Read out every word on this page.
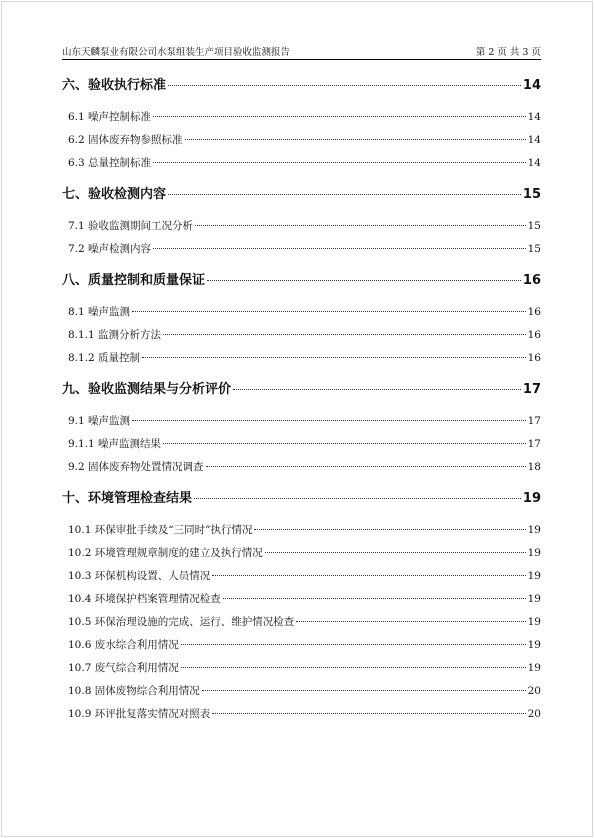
山东天麟泵业有限公司水泵组装生产项目验收监测报告	第 2 页 共 3 页
六、验收执行标准	14
6.1 噪声控制标准	14
6.2 固体废弃物参照标准	14
6.3 总量控制标准	14
七、验收检测内容	15
7.1 验收监测期间工况分析	15
7.2 噪声检测内容	15
八、质量控制和质量保证	16
8.1 噪声监测	16
8.1.1 监测分析方法	16
8.1.2 质量控制	16
九、验收监测结果与分析评价	17
9.1 噪声监测	17
9.1.1 噪声监测结果	17
9.2 固体废弃物处置情况调查	18
十、环境管理检查结果	19
10.1 环保审批手续及“三同时”执行情况	19
10.2 环境管理规章制度的建立及执行情况	19
10.3 环保机构设置、人员情况	19
10.4 环境保护档案管理情况检查	19
10.5 环保治理设施的完成、运行、维护情况检查	19
10.6 废水综合利用情况	19
10.7 废气综合利用情况	19
10.8 固体废物综合利用情况	20
10.9 环评批复落实情况对照表	20
